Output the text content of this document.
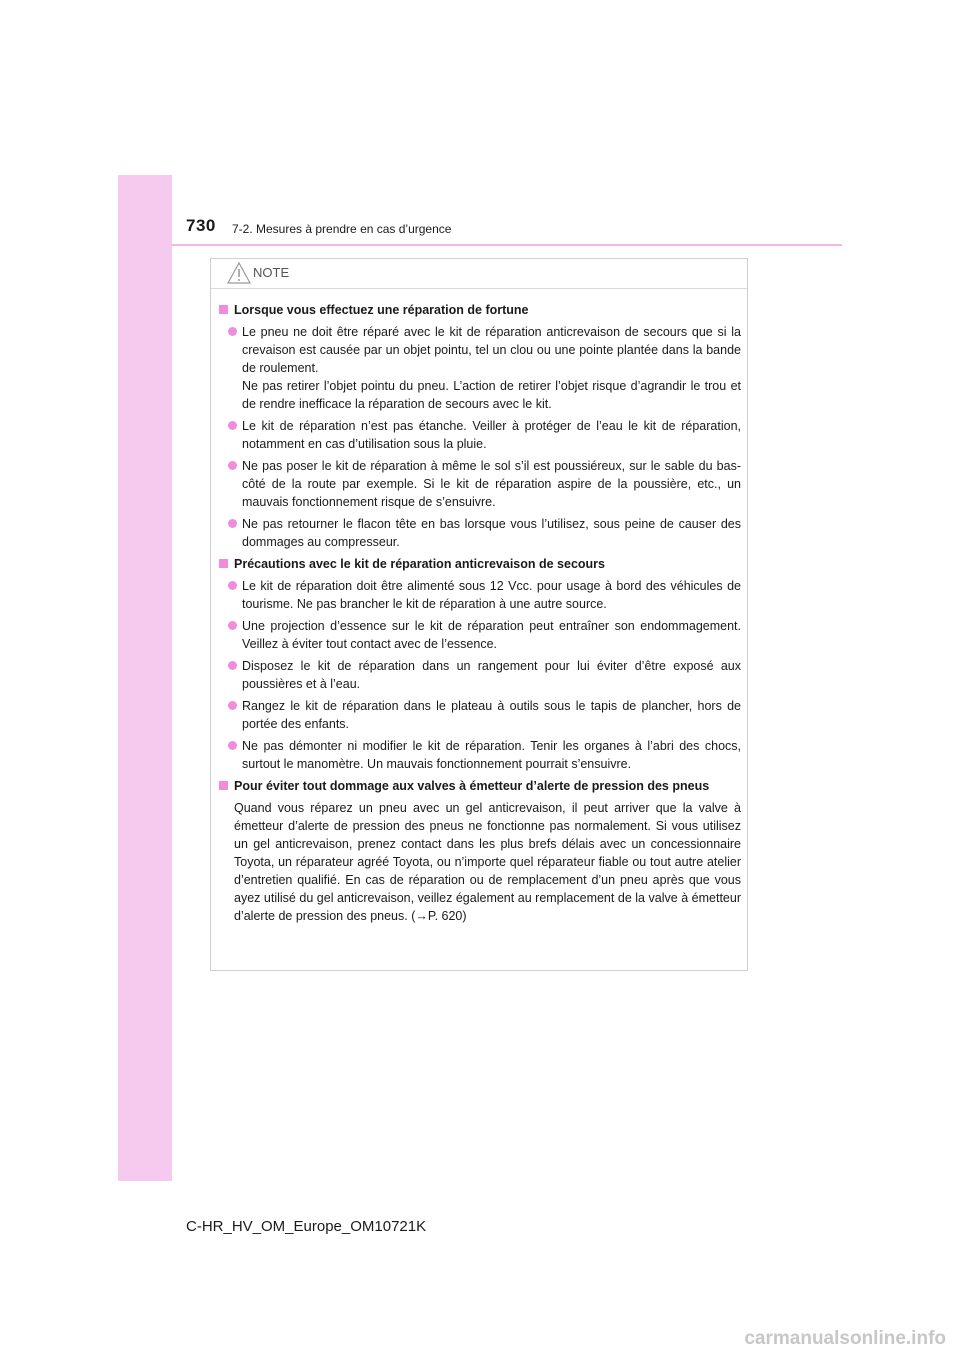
730 7-2. Mesures à prendre en cas d’urgence
NOTE
Lorsque vous effectuez une réparation de fortune

Le pneu ne doit être réparé avec le kit de réparation anticrevaison de secours que si la crevaison est causée par un objet pointu, tel un clou ou une pointe plantée dans la bande de roulement.

Ne pas retirer l’objet pointu du pneu. L’action de retirer l’objet risque d’agrandir le trou et de rendre inefficace la réparation de secours avec le kit.

Le kit de réparation n’est pas étanche. Veiller à protéger de l’eau le kit de réparation, notamment en cas d’utilisation sous la pluie.

Ne pas poser le kit de réparation à même le sol s’il est poussiéreux, sur le sable du bas-côté de la route par exemple. Si le kit de réparation aspire de la poussière, etc., un mauvais fonctionnement risque de s’ensuivre.

Ne pas retourner le flacon tête en bas lorsque vous l’utilisez, sous peine de causer des dommages au compresseur.

Précautions avec le kit de réparation anticrevaison de secours

Le kit de réparation doit être alimenté sous 12 Vcc. pour usage à bord des véhicules de tourisme. Ne pas brancher le kit de réparation à une autre source.

Une projection d’essence sur le kit de réparation peut entraîner son endommagement. Veillez à éviter tout contact avec de l’essence.

Disposez le kit de réparation dans un rangement pour lui éviter d’être exposé aux poussières et à l’eau.

Rangez le kit de réparation dans le plateau à outils sous le tapis de plancher, hors de portée des enfants.

Ne pas démonter ni modifier le kit de réparation. Tenir les organes à l’abri des chocs, surtout le manomètre. Un mauvais fonctionnement pourrait s’ensuivre.

Pour éviter tout dommage aux valves à émetteur d’alerte de pression des pneus

Quand vous réparez un pneu avec un gel anticrevaison, il peut arriver que la valve à émetteur d’alerte de pression des pneus ne fonctionne pas normalement. Si vous utilisez un gel anticrevaison, prenez contact dans les plus brefs délais avec un concessionnaire Toyota, un réparateur agréé Toyota, ou n’importe quel réparateur fiable ou tout autre atelier d’entretien qualifié. En cas de réparation ou de remplacement d’un pneu après que vous ayez utilisé du gel anticrevaison, veillez également au remplacement de la valve à émetteur d’alerte de pression des pneus. (→P. 620)

C-HR_HV_OM_Europe_OM10721K
carmanualsonline.info
